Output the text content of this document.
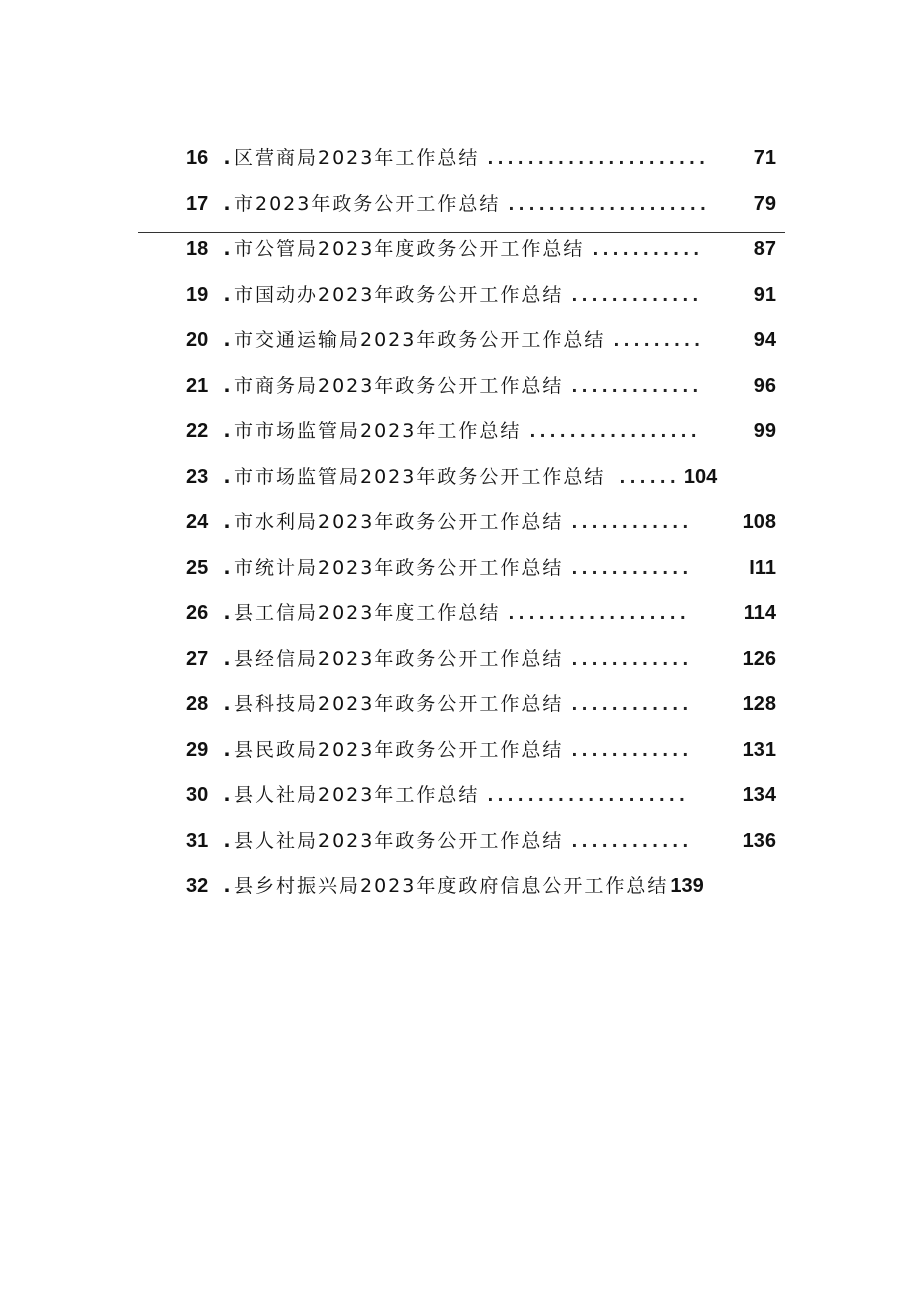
16 . 区营商局2023年工作总结 ......................	71
17 . 市2023年政务公开工作总结 ....................	79
18 . 市公管局2023年度政务公开工作总结 ...........	87
19 . 市国动办2023年政务公开工作总结 .............	91
20 . 市交通运输局2023年政务公开工作总结 .........	94
21 . 市商务局2023年政务公开工作总结 .............	96
22 . 市市场监管局2023年工作总结 .................	99
23 . 市市场监管局2023年政务公开工作总结 ...... 104
24 . 市水利局2023年政务公开工作总结 ............	108
25 . 市统计局2023年政务公开工作总结 ............	I11
26 . 县工信局2023年度工作总结 ..................	114
27 . 县经信局2023年政务公开工作总结 ............	126
28 . 县科技局2023年政务公开工作总结 ............	128
29 . 县民政局2023年政务公开工作总结 ............	131
30 . 县人社局2023年工作总结 ....................	134
31 . 县人社局2023年政务公开工作总结 ............	136
32 . 县乡村振兴局2023年度政府信息公开工作总结 139
